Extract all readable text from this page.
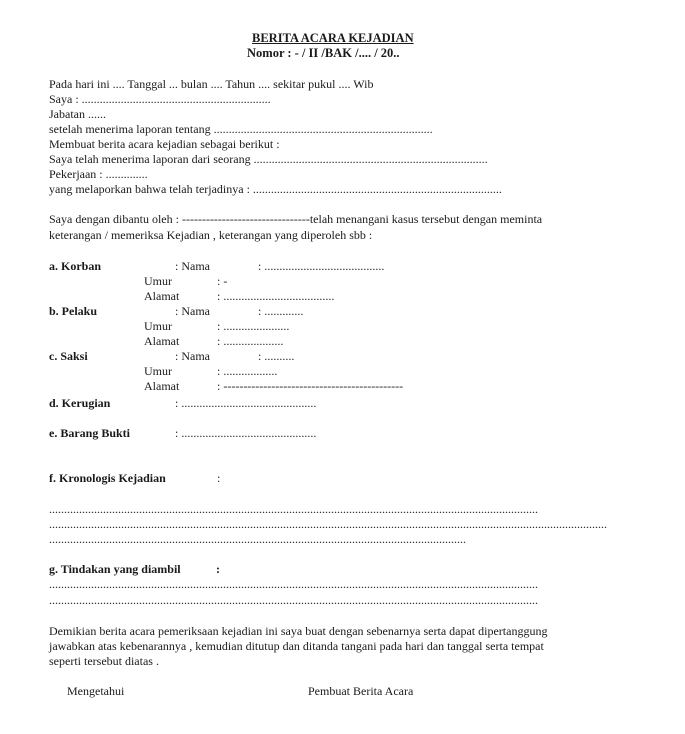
BERITA ACARA KEJADIAN
Nomor : - / II /BAK /.... / 20..
Pada hari ini .... Tanggal ... bulan .... Tahun .... sekitar pukul .... Wib
Saya : ...............................................................
Jabatan ......
setelah menerima laporan tentang .........................................................................
Membuat berita acara kejadian sebagai berikut :
Saya telah menerima laporan dari seorang ..............................................................................
Pekerjaan : ..............
yang melaporkan bahwa telah terjadinya : ...................................................................................
Saya dengan dibantu oleh : --------------------------------telah menangani kasus tersebut dengan meminta
keterangan / memeriksa Kejadian , keterangan yang diperoleh sbb :
a. Korban	: Nama	: ........................................
Umur	: -
Alamat	: .....................................
b. Pelaku	: Nama	: .............
Umur	: ......................
Alamat	: ....................
c. Saksi	: Nama	: ..........
Umur	: ..................
Alamat	: ---------------------------------------------
d. Kerugian	: .............................................
e. Barang Bukti	: .............................................
f. Kronologis Kejadian	:
...................................................................................................................................................................
..........................................................................................................................................................................................
...........................................................................................................................................
g. Tindakan yang diambil	:
...................................................................................................................................................................
...................................................................................................................................................................
Demikian berita acara pemeriksaan kejadian ini saya buat dengan sebenarnya serta dapat dipertanggung
jawabkan atas kebenarannya , kemudian ditutup dan ditanda tangani pada hari dan tanggal serta tempat
seperti tersebut diatas .
Mengetahui	Pembuat Berita Acara
